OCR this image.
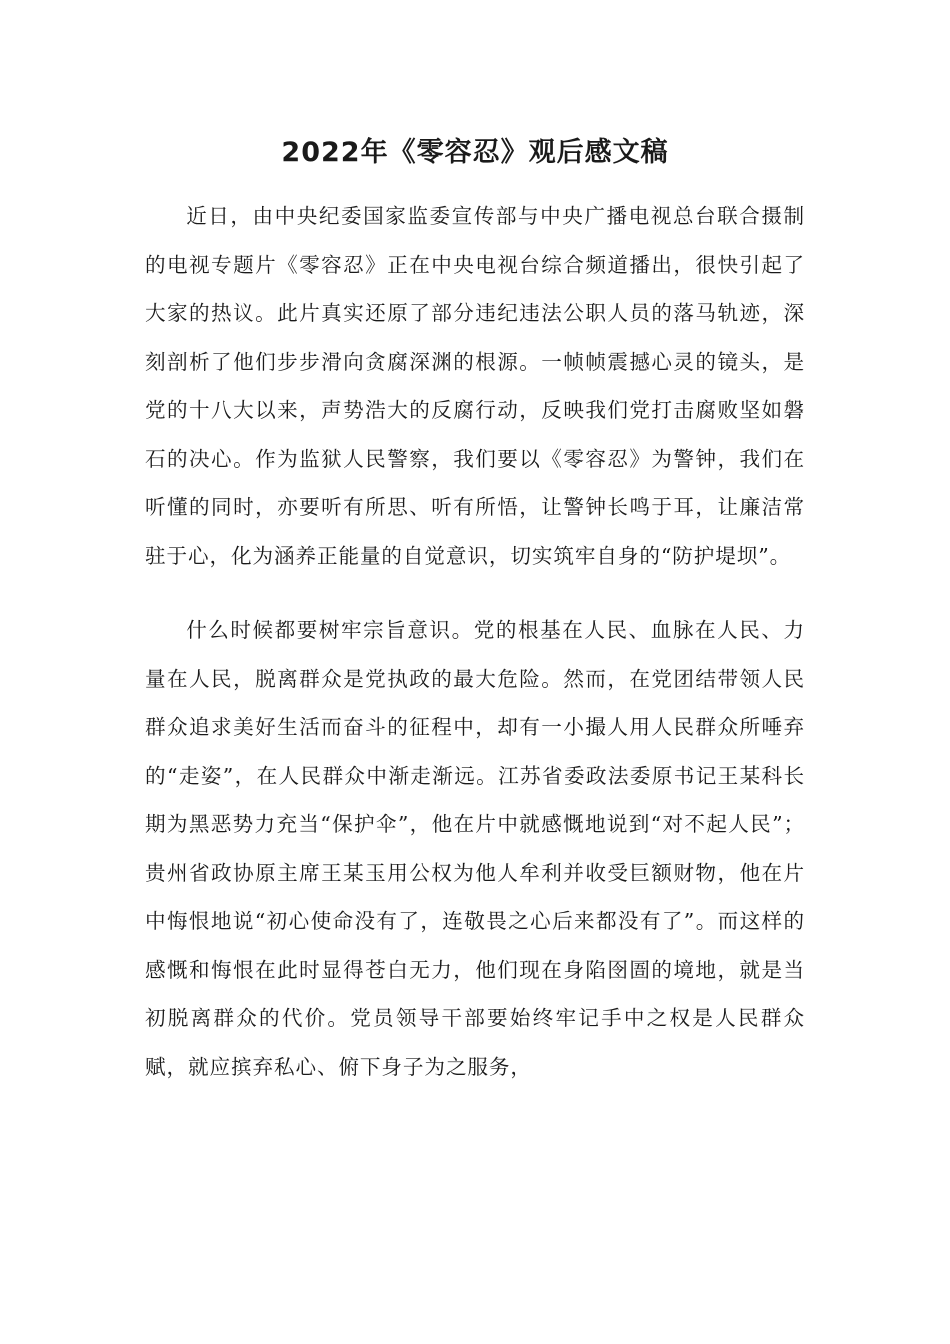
2022年《零容忍》观后感文稿

近日，由中央纪委国家监委宣传部与中央广播电视总台联合摄制的电视专题片《零容忍》正在中央电视台综合频道播出，很快引起了大家的热议。此片真实还原了部分违纪违法公职人员的落马轨迹，深刻剖析了他们步步滑向贪腐深渊的根源。一帧帧震撼心灵的镜头，是党的十八大以来，声势浩大的反腐行动，反映我们党打击腐败坚如磐石的决心。作为监狱人民警察，我们要以《零容忍》为警钟，我们在听懂的同时，亦要听有所思、听有所悟，让警钟长鸣于耳，让廉洁常驻于心，化为涵养正能量的自觉意识，切实筑牢自身的“防护堤坝”。

什么时候都要树牢宗旨意识。党的根基在人民、血脉在人民、力量在人民，脱离群众是党执政的最大危险。然而，在党团结带领人民群众追求美好生活而奋斗的征程中，却有一小撮人用人民群众所唾弃的“走姿”，在人民群众中渐走渐远。江苏省委政法委原书记王某科长期为黑恶势力充当“保护伞”，他在片中就感慨地说到“对不起人民”；贵州省政协原主席王某玉用公权为他人牟利并收受巨额财物，他在片中悔恨地说“初心使命没有了，连敬畏之心后来都没有了”。而这样的感慨和悔恨在此时显得苍白无力，他们现在身陷囹圄的境地，就是当初脱离群众的代价。党员领导干部要始终牢记手中之权是人民群众赋，就应摈弃私心、俯下身子为之服务，
